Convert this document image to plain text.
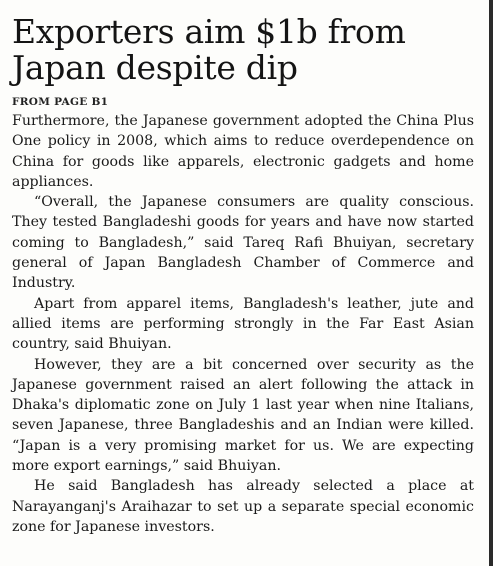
Exporters aim $1b from
Japan despite dip
FROM PAGE B1

Furthermore, the Japanese government adopted the China Plus One policy in 2008, which aims to reduce overdependence on China for goods like apparels, electronic gadgets and home appliances.

“Overall, the Japanese consumers are quality conscious. They tested Bangladeshi goods for years and have now started coming to Bangladesh,” said Tareq Rafi Bhuiyan, secretary general of Japan Bangladesh Chamber of Commerce and Industry.

Apart from apparel items, Bangladesh's leather, jute and allied items are performing strongly in the Far East Asian country, said Bhuiyan.

However, they are a bit concerned over security as the Japanese government raised an alert following the attack in Dhaka's diplomatic zone on July 1 last year when nine Italians, seven Japanese, three Bangladeshis and an Indian were killed. “Japan is a very promising market for us. We are expecting more export earnings,” said Bhuiyan.

He said Bangladesh has already selected a place at Narayanganj's Araihazar to set up a separate special economic zone for Japanese investors.
